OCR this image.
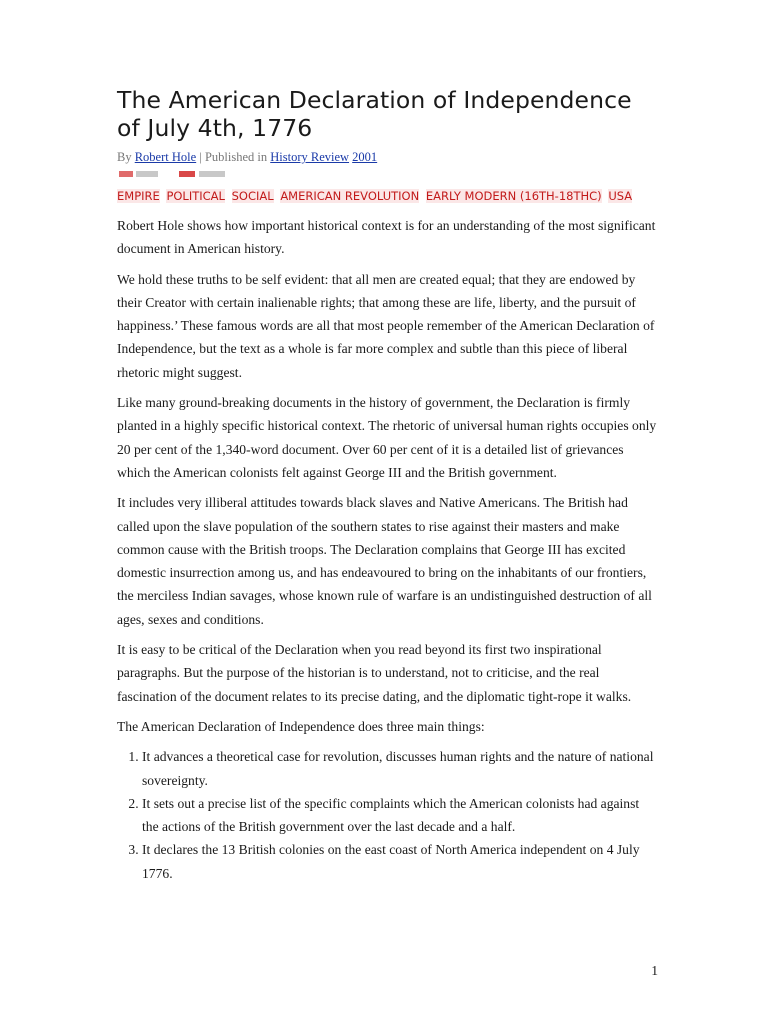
The American Declaration of Independence of July 4th, 1776
By Robert Hole | Published in History Review 2001
EMPIRE POLITICAL SOCIAL AMERICAN REVOLUTION EARLY MODERN (16TH-18THC) USA

Robert Hole shows how important historical context is for an understanding of the most significant document in American history.

We hold these truths to be self evident: that all men are created equal; that they are endowed by their Creator with certain inalienable rights; that among these are life, liberty, and the pursuit of happiness.’ These famous words are all that most people remember of the American Declaration of Independence, but the text as a whole is far more complex and subtle than this piece of liberal rhetoric might suggest.

Like many ground-breaking documents in the history of government, the Declaration is firmly planted in a highly specific historical context. The rhetoric of universal human rights occupies only 20 per cent of the 1,340-word document. Over 60 per cent of it is a detailed list of grievances which the American colonists felt against George III and the British government.

It includes very illiberal attitudes towards black slaves and Native Americans. The British had called upon the slave population of the southern states to rise against their masters and make common cause with the British troops. The Declaration complains that George III has excited domestic insurrection among us, and has endeavoured to bring on the inhabitants of our frontiers, the merciless Indian savages, whose known rule of warfare is an undistinguished destruction of all ages, sexes and conditions.

It is easy to be critical of the Declaration when you read beyond its first two inspirational paragraphs. But the purpose of the historian is to understand, not to criticise, and the real fascination of the document relates to its precise dating, and the diplomatic tight-rope it walks.

The American Declaration of Independence does three main things:

1. It advances a theoretical case for revolution, discusses human rights and the nature of national sovereignty.
2. It sets out a precise list of the specific complaints which the American colonists had against the actions of the British government over the last decade and a half.
3. It declares the 13 British colonies on the east coast of North America independent on 4 July 1776.
1
